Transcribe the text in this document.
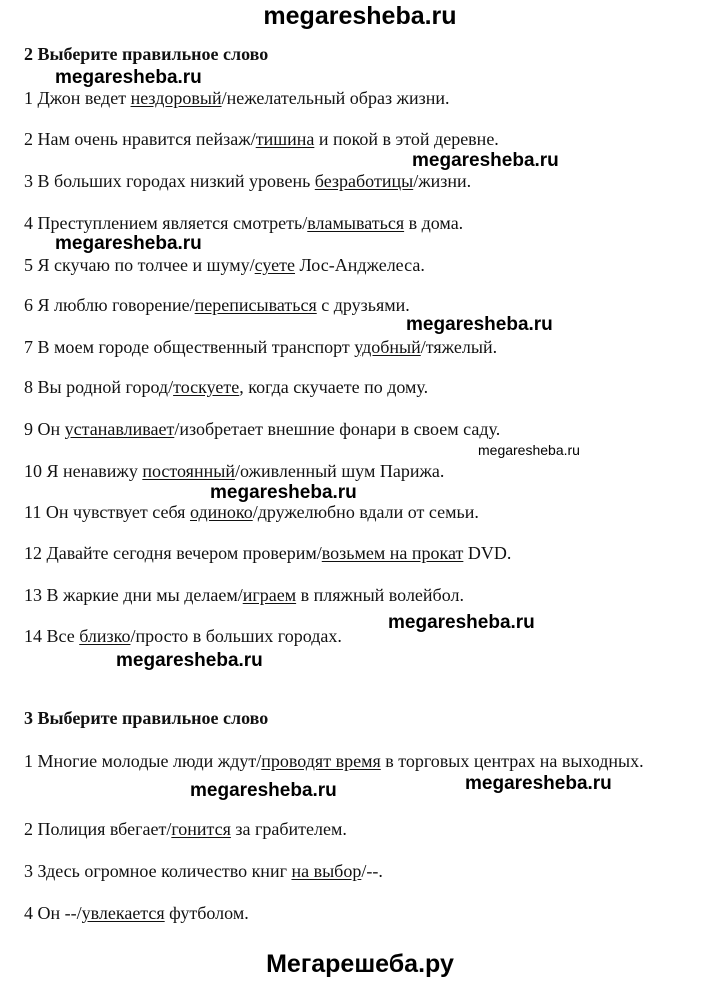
megaresheba.ru
2 Выберите правильное слово
1 Джон ведет нездоровый/нежелательный образ жизни.
2 Нам очень нравится пейзаж/тишина и покой в этой деревне.
3 В больших городах низкий уровень безработицы/жизни.
4 Преступлением является смотреть/вламываться в дома.
5 Я скучаю по толчее и шуму/суете Лос-Анджелеса.
6 Я люблю говорение/переписываться с друзьями.
7 В моем городе общественный транспорт удобный/тяжелый.
8 Вы родной город/тоскуете, когда скучаете по дому.
9 Он устанавливает/изобретает внешние фонари в своем саду.
10 Я ненавижу постоянный/оживленный шум Парижа.
11 Он чувствует себя одиноко/дружелюбно вдали от семьи.
12 Давайте сегодня вечером проверим/возьмем на прокат DVD.
13 В жаркие дни мы делаем/играем в пляжный волейбол.
14 Все близко/просто в больших городах.
3 Выберите правильное слово
1 Многие молодые люди ждут/проводят время в торговых центрах на выходных.
2 Полиция вбегает/гонится за грабителем.
3 Здесь огромное количество книг на выбор/--.
4 Он --/увлекается футболом.
megaresheba.ru
megaresheba.ru
megaresheba.ru
megaresheba.ru
megaresheba.ru
megaresheba.ru
megaresheba.ru
megaresheba.ru
megaresheba.ru
megaresheba.ru
Мегарешеба.ру
